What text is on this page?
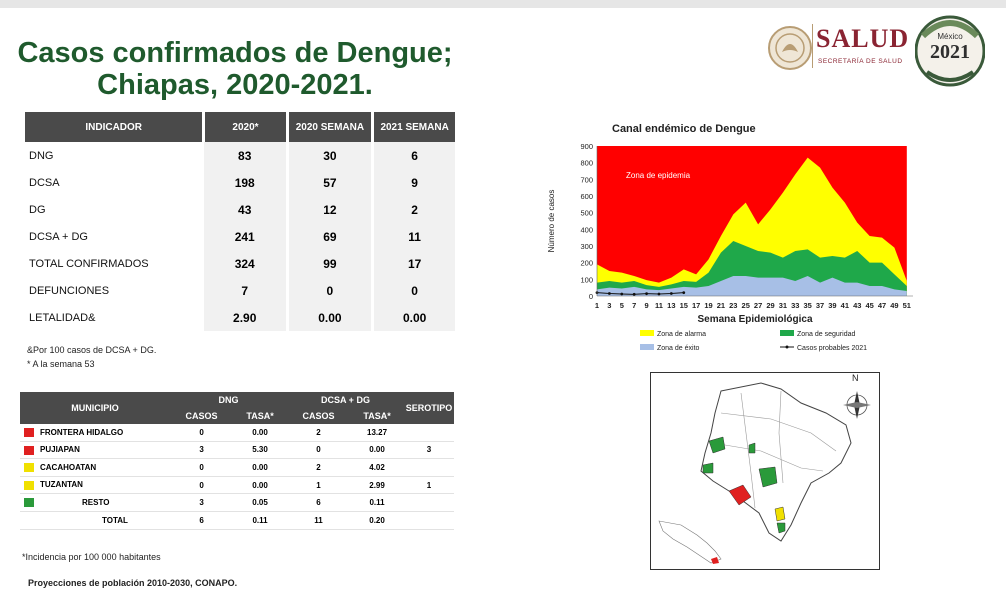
Casos confirmados de Dengue;
Chiapas, 2020-2021.
SALUD
SECRETARÍA DE SALUD
México
2021
INDICADOR	2020*	2020 SEMANA	2021 SEMANA
DNG	83	30	6
DCSA	198	57	9
DG	43	12	2
DCSA + DG	241	69	11
TOTAL CONFIRMADOS	324	99	17
DEFUNCIONES	7	0	0
LETALIDAD&	2.90	0.00	0.00
&Por 100 casos de DCSA + DG.
* A la semana 53
MUNICIPIO	DNG		DCSA + DG		SEROTIPO
	CASOS	TASA*	CASOS	TASA*	
FRONTERA HIDALGO	0	0.00	2	13.27	
PUJIAPAN	3	5.30	0	0.00	3
CACAHOATAN	0	0.00	2	4.02	
TUZANTAN	0	0.00	1	2.99	1
RESTO	3	0.05	6	0.11	
TOTAL	6	0.11	11	0.20	
*Incidencia por 100 000 habitantes
Proyecciones de población 2010-2030, CONAPO.
Canal endémico de Dengue
Zona de epidemia
0
100
200
300
400
500
600
700
800
900
1 3 5 7 9 11 13 15 17 19 21 23 25 27 29 31 33 35 37 39 41 43 45 47 49 51
Semana Epidemiológica
Número de casos
Zona de alarma	Zona de seguridad
Zona de éxito	Casos probables 2021
N
